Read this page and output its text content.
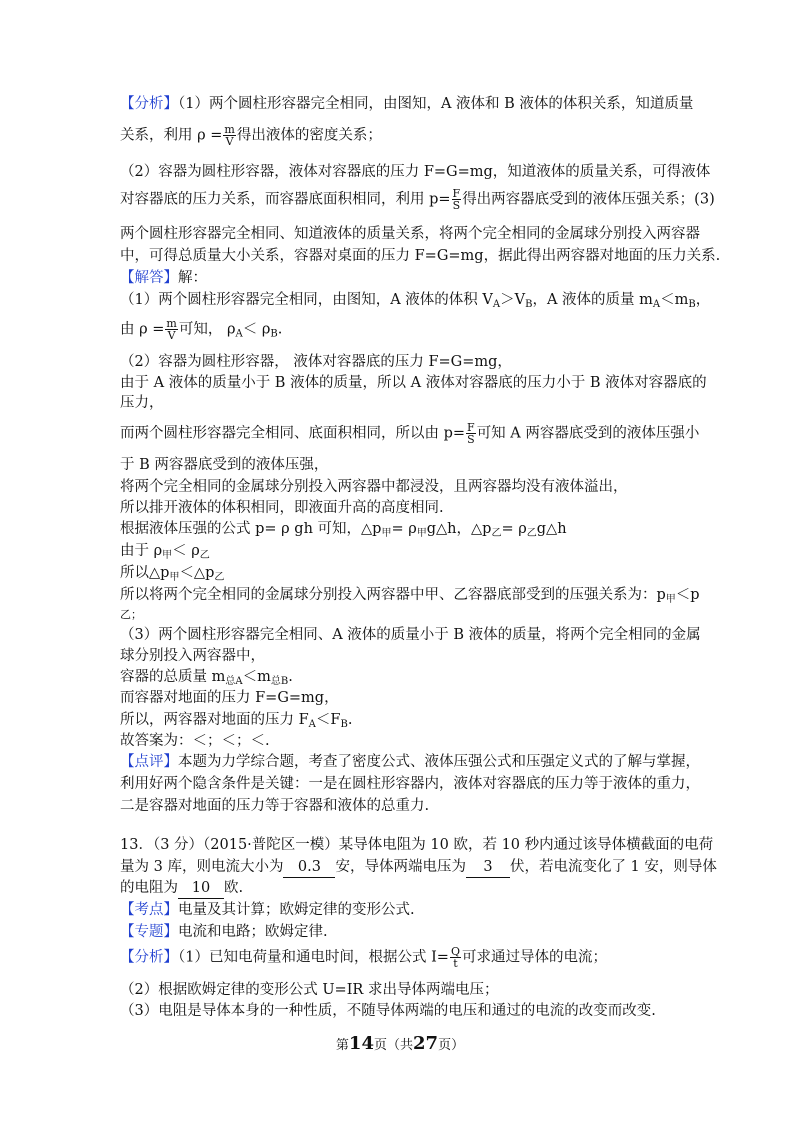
【分析】（1）两个圆柱形容器完全相同，由图知，A 液体和 B 液体的体积关系，知道质量
关系，利用 $\rho = \frac{m}{V}$ 得出液体的密度关系；
（2）容器为圆柱形容器，液体对容器底的压力 F=G=mg，知道液体的质量关系，可得液体
对容器底的压力关系，而容器底面积相同，利用 $p= \frac{F}{S}$ 得出两容器底受到的液体压强关系；(3)
两个圆柱形容器完全相同、知道液体的质量关系，将两个完全相同的金属球分别投入两容器
中，可得总质量大小关系，容器对桌面的压力 F=G=mg，据此得出两容器对地面的压力关系.
【解答】解：
（1）两个圆柱形容器完全相同，由图知，A 液体的体积 $V_A>V_B$，A 液体的质量 $m_A<m_B$，
由 $\rho = \frac{m}{V}$ 可知， $\rho_A< \rho_B$.
（2）容器为圆柱形容器， 液体对容器底的压力 F=G=mg，
由于 A 液体的质量小于 B 液体的质量，所以 A 液体对容器底的压力小于 B 液体对容器底的
压力，
而两个圆柱形容器完全相同、底面积相同，所以由 $p= \frac{F}{S}$ 可知 A 两容器底受到的液体压强小
于 B 两容器底受到的液体压强，
将两个完全相同的金属球分别投入两容器中都浸没，且两容器均没有液体溢出，
所以排开液体的体积相同，即液面升高的高度相同.
根据液体压强的公式 p= ρ gh 可知，$\triangle p_甲=$ $\rho_甲g\triangle h$，$\triangle p_乙=$ $\rho_乙g\triangle h$
由于 $\rho_甲< \rho_乙$
所以$\triangle p_甲<\triangle p_乙$
所以将两个完全相同的金属球分别投入两容器中甲、乙容器底部受到的压强关系为：$p_甲<p$
乙；
（3）两个圆柱形容器完全相同、A 液体的质量小于 B 液体的质量，将两个完全相同的金属
球分别投入两容器中，
容器的总质量 $m_{总A}<m_{总B}$.
而容器对地面的压力 F=G=mg，
所以，两容器对地面的压力 $F_A<F_B$.
故答案为：＜；＜；＜.
【点评】本题为力学综合题，考查了密度公式、液体压强公式和压强定义式的了解与掌握，
利用好两个隐含条件是关键：一是在圆柱形容器内，液体对容器底的压力等于液体的重力，
二是容器对地面的压力等于容器和液体的总重力.
13．（3 分）（2015·普陀区一模）某导体电阻为 10 欧，若 10 秒内通过该导体横截面的电荷
量为 3 库，则电流大小为 0.3 安，导体两端电压为 3 伏，若电流变化了 1 安，则导体
的电阻为 10 欧.
【考点】电量及其计算；欧姆定律的变形公式.
【专题】电流和电路；欧姆定律.
【分析】（1）已知电荷量和通电时间，根据公式 $I= \frac{Q}{t}$ 可求通过导体的电流；
（2）根据欧姆定律的变形公式 U=IR 求出导体两端电压；
（3）电阻是导体本身的一种性质，不随导体两端的电压和通过的电流的改变而改变.
第14页（共27页）
